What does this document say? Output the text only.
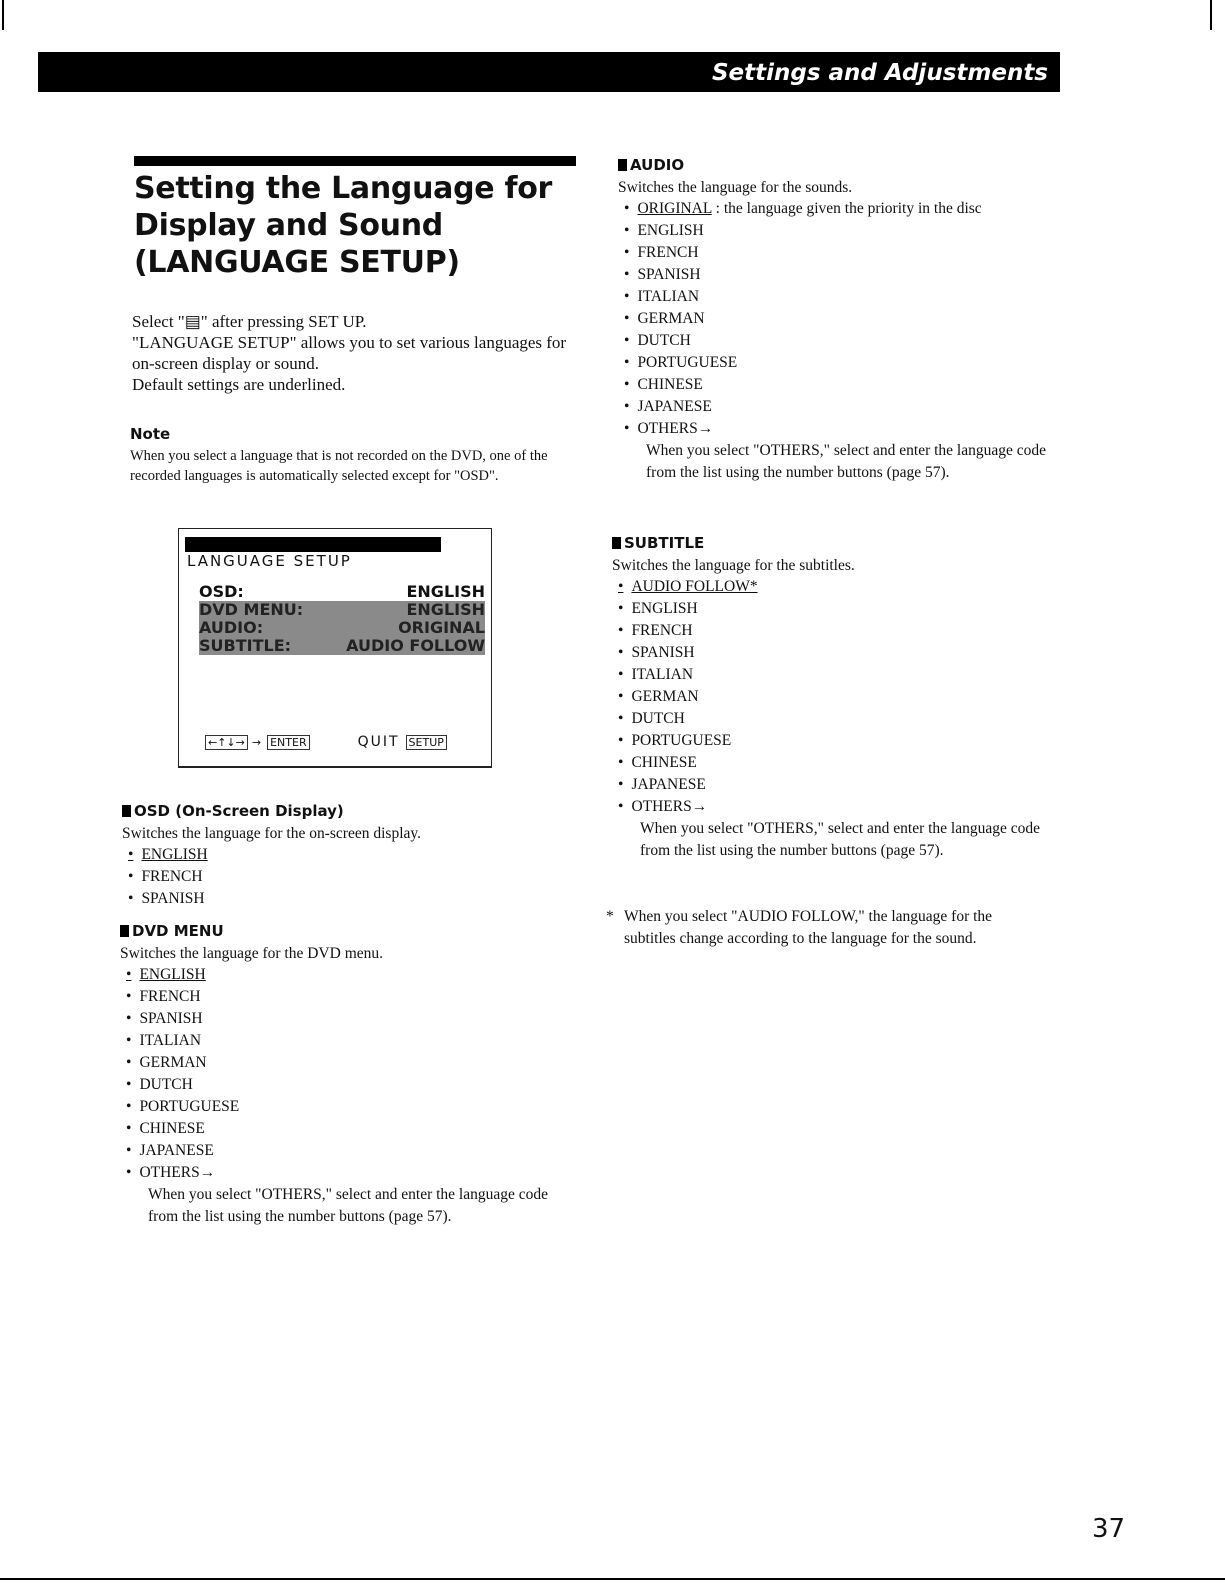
Settings and Adjustments
Setting the Language for Display and Sound (LANGUAGE SETUP)

Select "▤" after pressing SET UP.

"LANGUAGE SETUP" allows you to set various languages for on-screen display or sound.

Default settings are underlined.

Note

When you select a language that is not recorded on the DVD, one of the recorded languages is automatically selected except for "OSD".

LANGUAGE SETUP
OSD:	ENGLISH
DVD MENU:	ENGLISH
AUDIO:	ORIGINAL
SUBTITLE:	AUDIO FOLLOW
←↑↓→ → ENTER	QUIT SETUP
OSD (On-Screen Display)

Switches the language for the on-screen display.

• ENGLISH
• FRENCH
• SPANISH
DVD MENU

Switches the language for the DVD menu.

• ENGLISH
• FRENCH
• SPANISH
• ITALIAN
• GERMAN
• DUTCH
• PORTUGUESE
• CHINESE
• JAPANESE
• OTHERS→

When you select "OTHERS," select and enter the language code from the list using the number buttons (page 57).

AUDIO

Switches the language for the sounds.

• ORIGINAL : the language given the priority in the disc
• ENGLISH
• FRENCH
• SPANISH
• ITALIAN
• GERMAN
• DUTCH
• PORTUGUESE
• CHINESE
• JAPANESE
• OTHERS→

When you select "OTHERS," select and enter the language code from the list using the number buttons (page 57).

SUBTITLE

Switches the language for the subtitles.

• AUDIO FOLLOW*
• ENGLISH
• FRENCH
• SPANISH
• ITALIAN
• GERMAN
• DUTCH
• PORTUGUESE
• CHINESE
• JAPANESE
• OTHERS→

When you select "OTHERS," select and enter the language code from the list using the number buttons (page 57).

* When you select "AUDIO FOLLOW," the language for the subtitles change according to the language for the sound.

37
